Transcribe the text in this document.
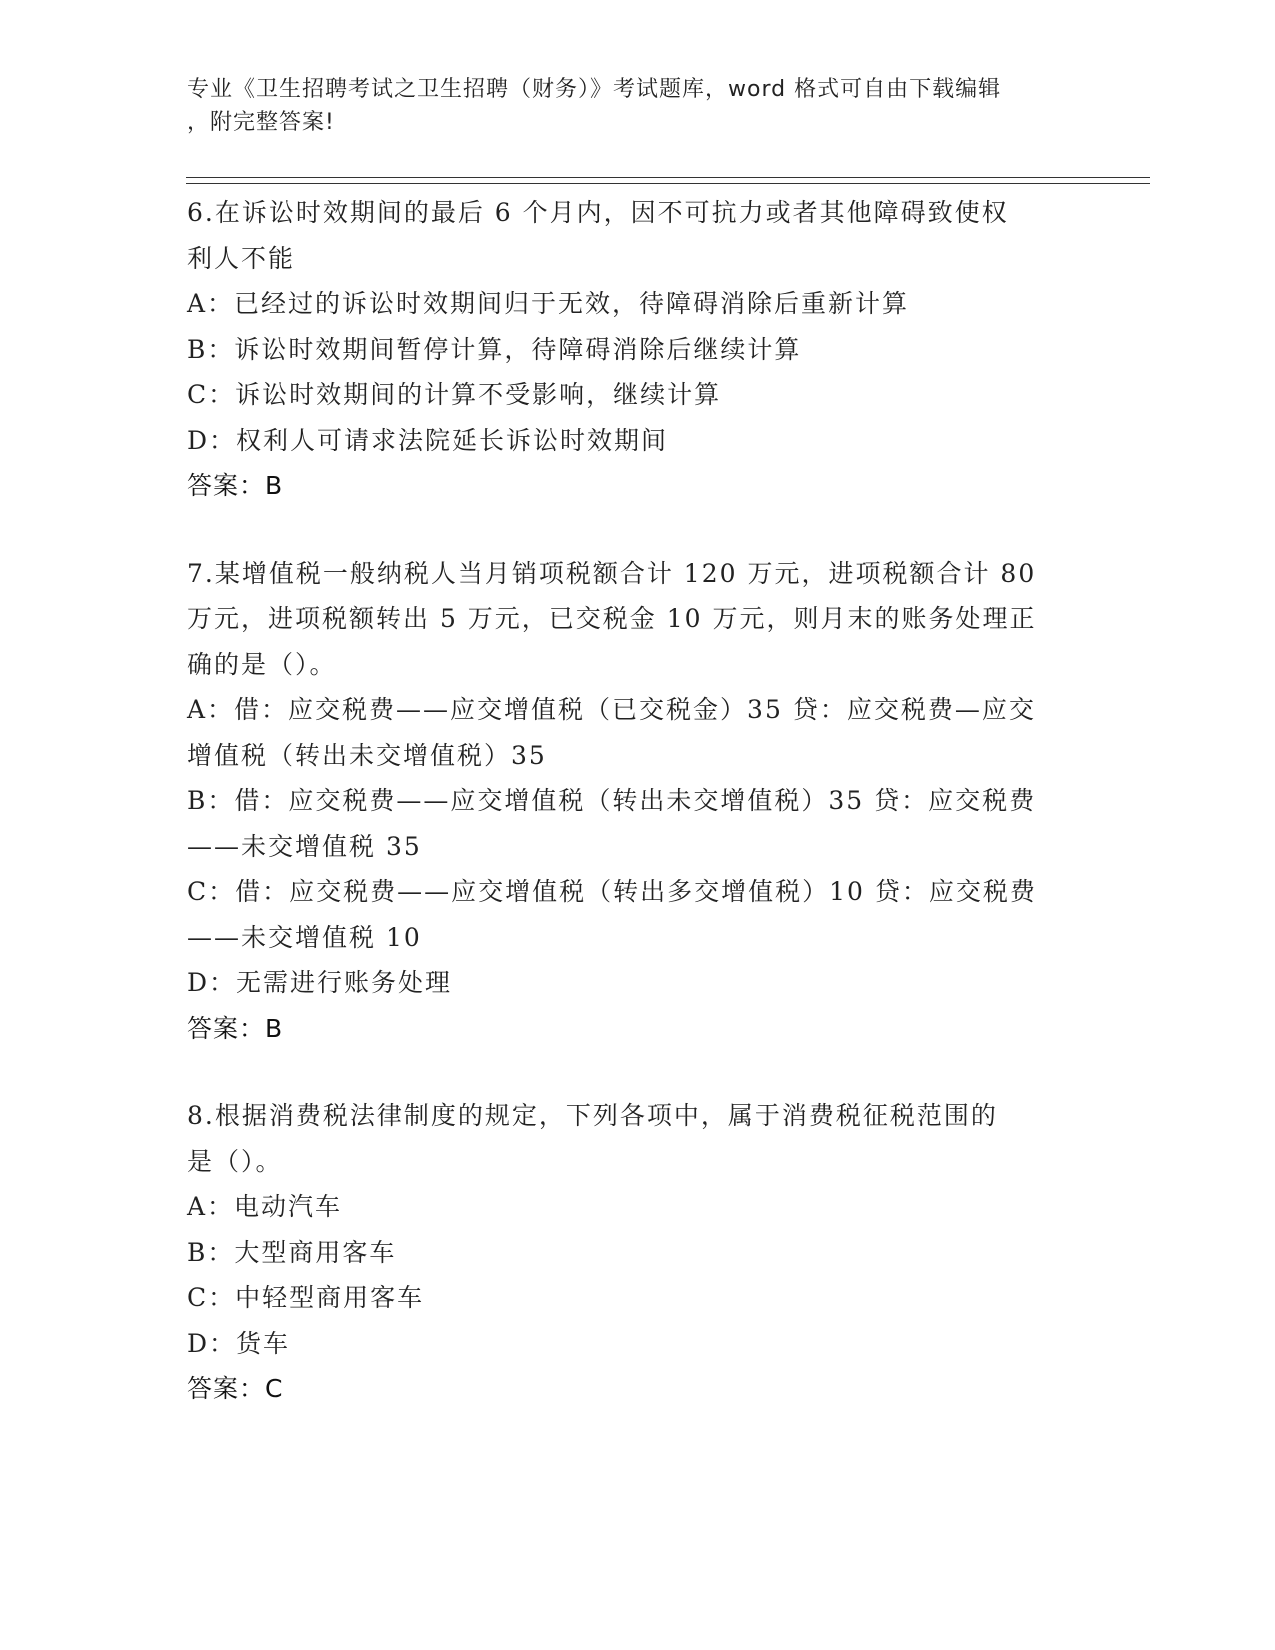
专业《卫生招聘考试之卫生招聘（财务）》考试题库，word 格式可自由下载编辑
，附完整答案!
6.在诉讼时效期间的最后 6 个月内，因不可抗力或者其他障碍致使权
利人不能
A：已经过的诉讼时效期间归于无效，待障碍消除后重新计算
B：诉讼时效期间暂停计算，待障碍消除后继续计算
C：诉讼时效期间的计算不受影响，继续计算
D：权利人可请求法院延长诉讼时效期间
答案：B
7.某增值税一般纳税人当月销项税额合计 120 万元，进项税额合计 80
万元，进项税额转出 5 万元，已交税金 10 万元，则月末的账务处理正
确的是（）。
A：借：应交税费——应交增值税（已交税金）35 贷：应交税费—应交
增值税（转出未交增值税）35
B：借：应交税费——应交增值税（转出未交增值税）35 贷：应交税费
——未交增值税 35
C：借：应交税费——应交增值税（转出多交增值税）10 贷：应交税费
——未交增值税 10
D：无需进行账务处理
答案：B
8.根据消费税法律制度的规定，下列各项中，属于消费税征税范围的
是（）。
A：电动汽车
B：大型商用客车
C：中轻型商用客车
D：货车
答案：C
